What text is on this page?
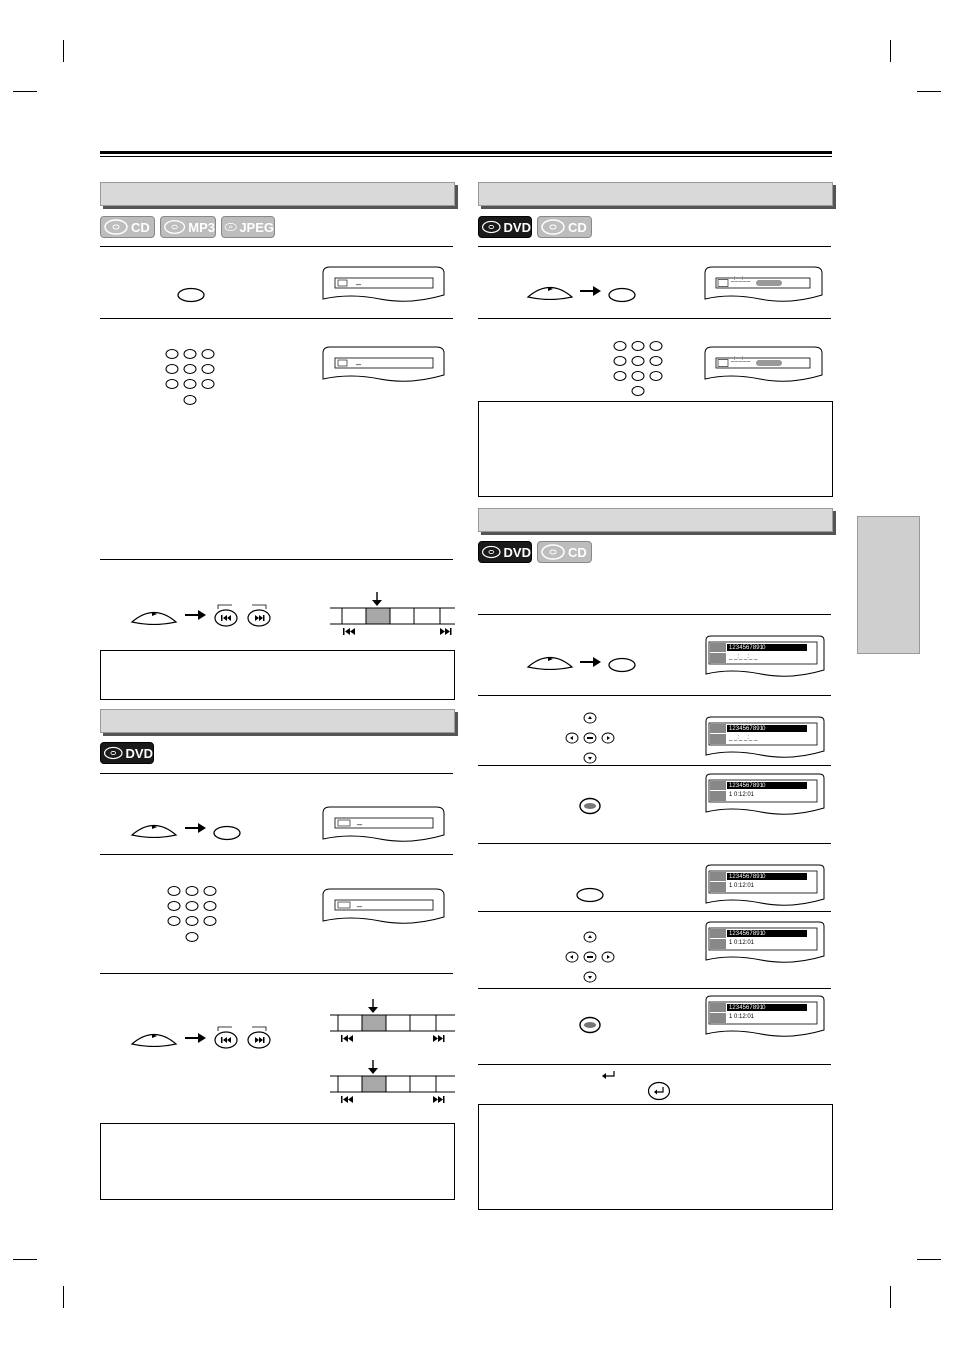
CD	MP3 JPEG
_
_
DVD
_
_
DVD	CD
_:_ _:_ _
_:_ _:_ _
DVD	CD
1 2 3 4 5 6 7 8 9 10
_ _:_ _:_ _
1 2 3 4 5 6 7 8 9 10
_ _:_ _:_ _
1 2 3 4 5 6 7 8 9 10
1 0:12:01
1 2 3 4 5 6 7 8 9 10
1 0:12:01
1 2 3 4 5 6 7 8 9 10
1 0:12:01
1 2 3 4 5 6 7 8 9 10
1 0:12:01
